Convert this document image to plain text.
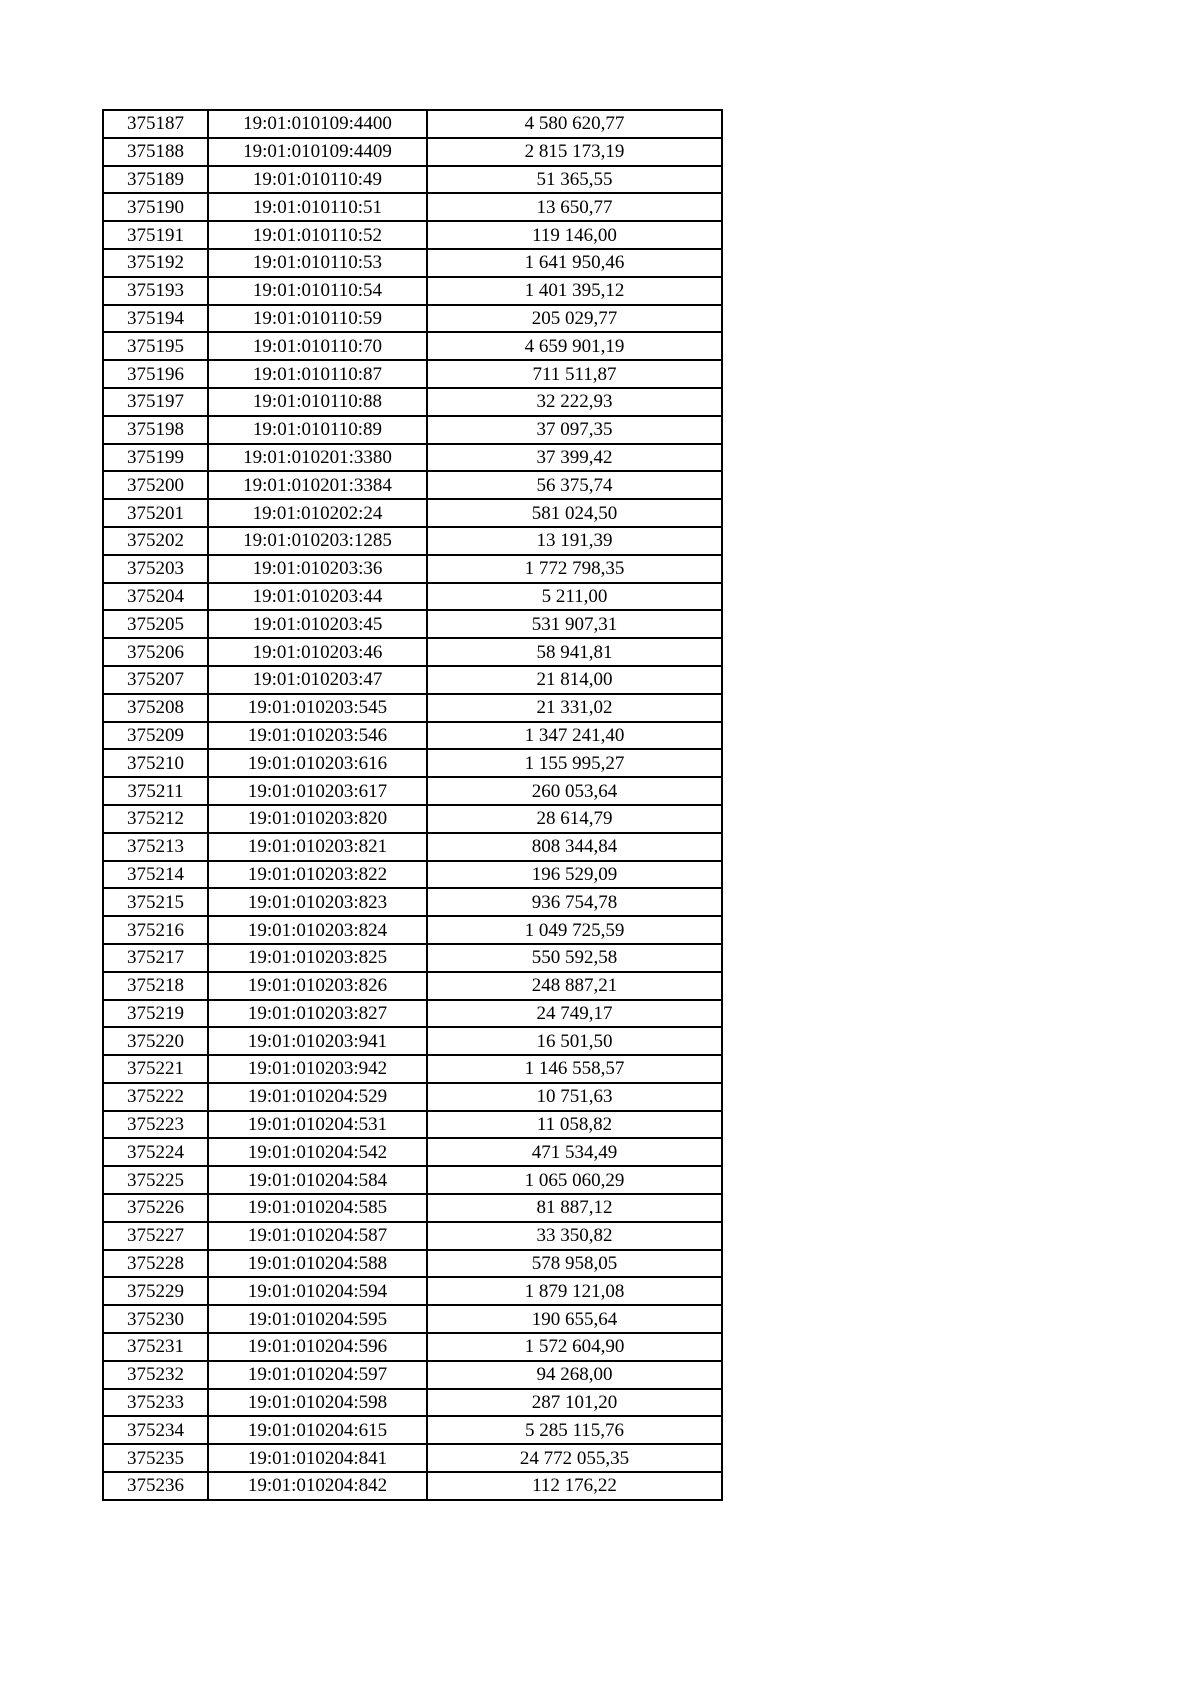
375187	19:01:010109:4400	4 580 620,77
375188	19:01:010109:4409	2 815 173,19
375189	19:01:010110:49	51 365,55
375190	19:01:010110:51	13 650,77
375191	19:01:010110:52	119 146,00
375192	19:01:010110:53	1 641 950,46
375193	19:01:010110:54	1 401 395,12
375194	19:01:010110:59	205 029,77
375195	19:01:010110:70	4 659 901,19
375196	19:01:010110:87	711 511,87
375197	19:01:010110:88	32 222,93
375198	19:01:010110:89	37 097,35
375199	19:01:010201:3380	37 399,42
375200	19:01:010201:3384	56 375,74
375201	19:01:010202:24	581 024,50
375202	19:01:010203:1285	13 191,39
375203	19:01:010203:36	1 772 798,35
375204	19:01:010203:44	5 211,00
375205	19:01:010203:45	531 907,31
375206	19:01:010203:46	58 941,81
375207	19:01:010203:47	21 814,00
375208	19:01:010203:545	21 331,02
375209	19:01:010203:546	1 347 241,40
375210	19:01:010203:616	1 155 995,27
375211	19:01:010203:617	260 053,64
375212	19:01:010203:820	28 614,79
375213	19:01:010203:821	808 344,84
375214	19:01:010203:822	196 529,09
375215	19:01:010203:823	936 754,78
375216	19:01:010203:824	1 049 725,59
375217	19:01:010203:825	550 592,58
375218	19:01:010203:826	248 887,21
375219	19:01:010203:827	24 749,17
375220	19:01:010203:941	16 501,50
375221	19:01:010203:942	1 146 558,57
375222	19:01:010204:529	10 751,63
375223	19:01:010204:531	11 058,82
375224	19:01:010204:542	471 534,49
375225	19:01:010204:584	1 065 060,29
375226	19:01:010204:585	81 887,12
375227	19:01:010204:587	33 350,82
375228	19:01:010204:588	578 958,05
375229	19:01:010204:594	1 879 121,08
375230	19:01:010204:595	190 655,64
375231	19:01:010204:596	1 572 604,90
375232	19:01:010204:597	94 268,00
375233	19:01:010204:598	287 101,20
375234	19:01:010204:615	5 285 115,76
375235	19:01:010204:841	24 772 055,35
375236	19:01:010204:842	112 176,22
